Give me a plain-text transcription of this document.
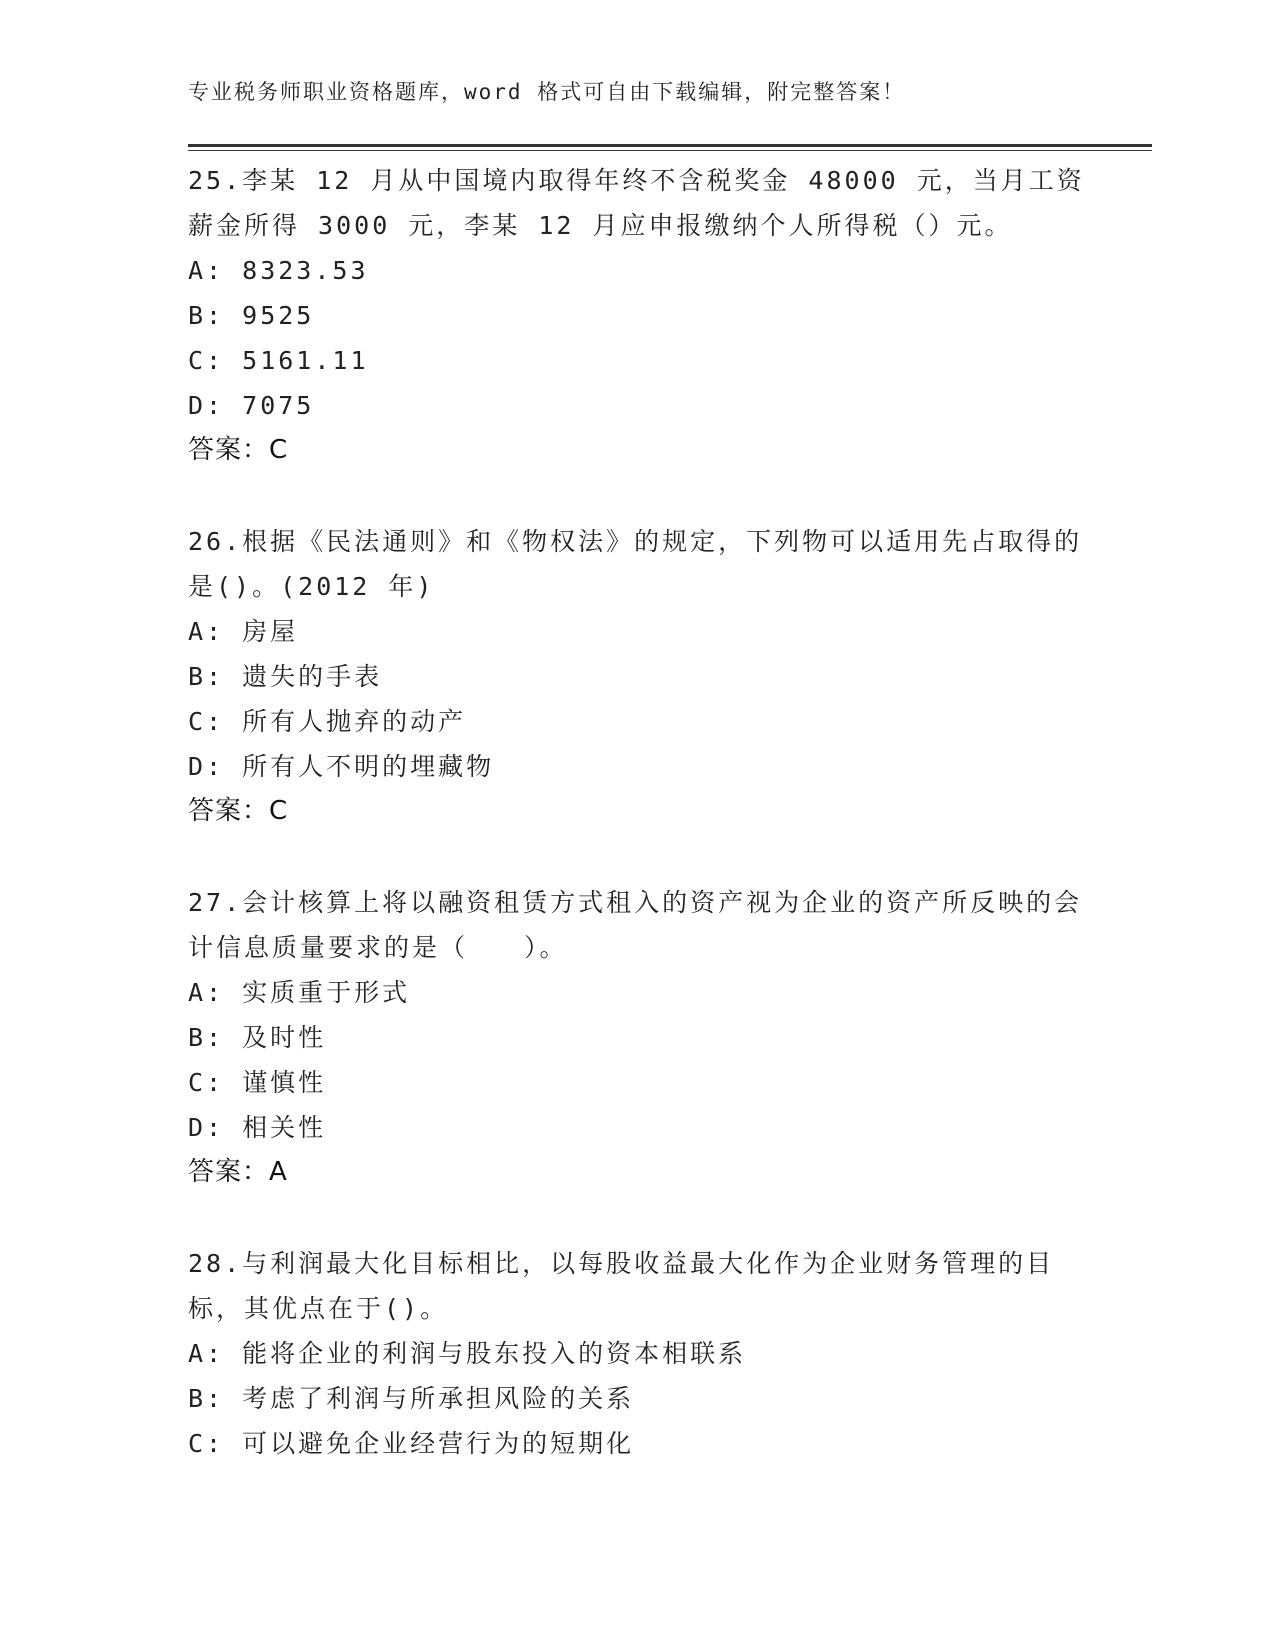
专业税务师职业资格题库，word 格式可自由下载编辑，附完整答案！

25.李某 12 月从中国境内取得年终不含税奖金 48000 元，当月工资薪金所得 3000 元，李某 12 月应申报缴纳个人所得税（）元。

A: 8323.53

B: 9525

C: 5161.11

D: 7075

答案：C

26.根据《民法通则》和《物权法》的规定，下列物可以适用先占取得的是()。(2012 年)

A: 房屋

B: 遗失的手表

C: 所有人抛弃的动产

D: 所有人不明的埋藏物

答案：C

27.会计核算上将以融资租赁方式租入的资产视为企业的资产所反映的会计信息质量要求的是（　　）。

A: 实质重于形式

B: 及时性

C: 谨慎性

D: 相关性

答案：A

28.与利润最大化目标相比，以每股收益最大化作为企业财务管理的目标，其优点在于()。

A: 能将企业的利润与股东投入的资本相联系

B: 考虑了利润与所承担风险的关系

C: 可以避免企业经营行为的短期化
